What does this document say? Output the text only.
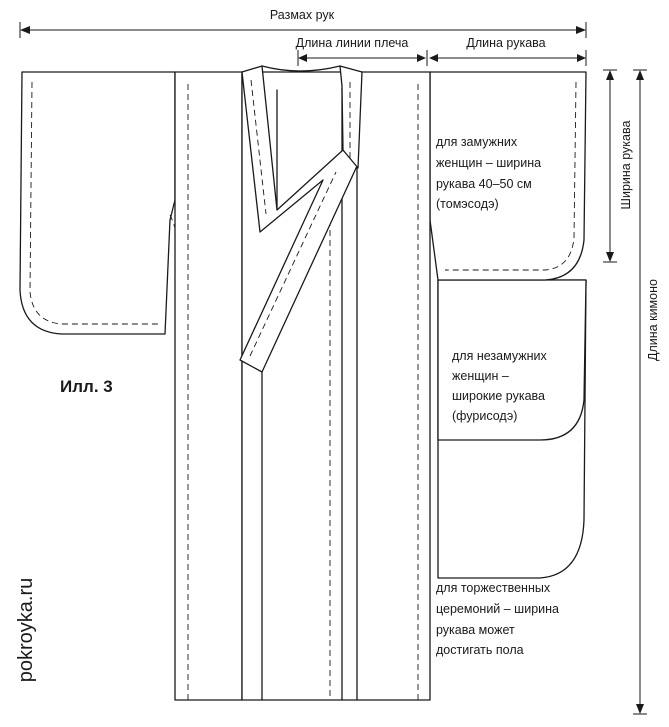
Размах рук
Длина линии плеча	Длина рукава
Ширина рукава
Длина кимоно
для замужних
женщин – ширина
рукава 40–50 см
(томэсодэ)
для незамужних
женщин –
широкие рукава
(фурисодэ)
для торжественных
церемоний – ширина
рукава может
достигать пола
Илл. 3
pokroyka.ru
